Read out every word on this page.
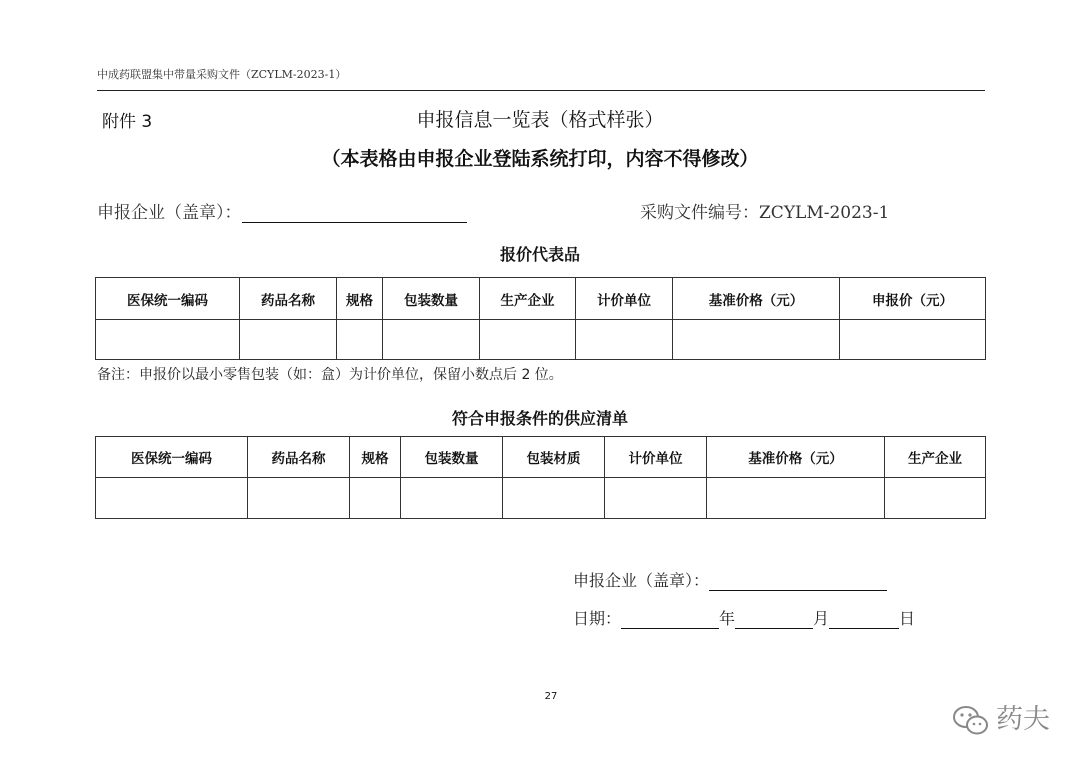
中成药联盟集中带量采购文件（ZCYLM-2023-1）
附件 3	申报信息一览表（格式样张）
（本表格由申报企业登陆系统打印，内容不得修改）
申报企业（盖章）：	采购文件编号：ZCYLM-2023-1
报价代表品
医保统一编码	药品名称	规格	包装数量	生产企业	计价单位	基准价格（元）	申报价（元）

备注：申报价以最小零售包装（如：盒）为计价单位，保留小数点后 2 位。
符合申报条件的供应清单
医保统一编码	药品名称	规格	包装数量	包装材质	计价单位	基准价格（元）	生产企业

申报企业（盖章）：
日期：	年	月	日
27
药夫
